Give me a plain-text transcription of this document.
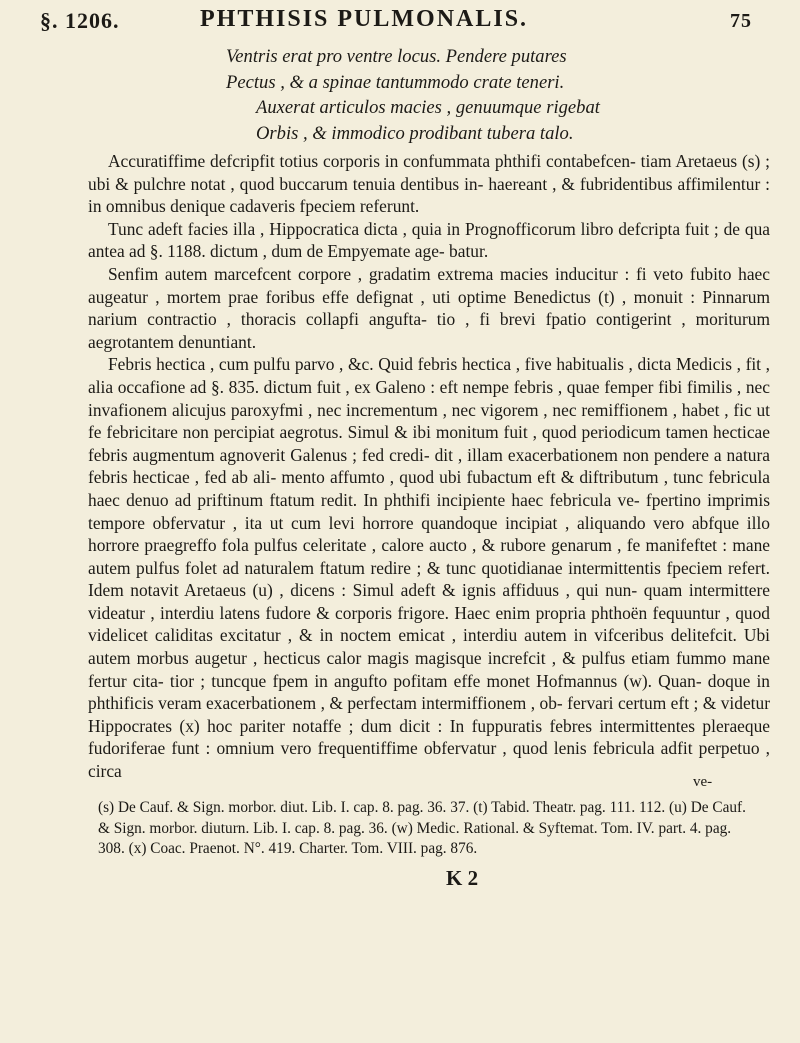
§. 1206.	PHTHISIS PULMONALIS.	75
Ventris erat pro ventre locus. Pendere putares
Pectus , & a spinae tantummodo crate teneri.
Auxerat articulos macies , genuumque rigebat
Orbis , & immodico prodibant tubera talo.

Accuratiffime defcripfit totius corporis in confummata phthifi contabefcen- tiam Aretaeus (s) ; ubi & pulchre notat , quod buccarum tenuia dentibus in- haereant , & fubridentibus affimilentur : in omnibus denique cadaveris fpeciem referunt.

Tunc adeft facies illa , Hippocratica dicta , quia in Prognofficorum libro defcripta fuit ; de qua antea ad §. 1188. dictum , dum de Empyemate age- batur.

Senfim autem marcefcent corpore , gradatim extrema macies inducitur : fi veto fubito haec augeatur , mortem prae foribus effe defignat , uti optime Benedictus (t) , monuit : Pinnarum narium contractio , thoracis collapfi angufta- tio , fi brevi fpatio contigerint , moriturum aegrotantem denuntiant.

Febris hectica , cum pulfu parvo , &c. Quid febris hectica , five habitualis , dicta Medicis , fit , alia occafione ad §. 835. dictum fuit , ex Galeno : eft nempe febris , quae femper fibi fimilis , nec invafionem alicujus paroxyfmi , nec incrementum , nec vigorem , nec remiffionem , habet , fic ut fe febricitare non percipiat aegrotus. Simul & ibi monitum fuit , quod periodicum tamen hecticae febris augmentum agnoverit Galenus ; fed credi- dit , illam exacerbationem non pendere a natura febris hecticae , fed ab ali- mento affumto , quod ubi fubactum eft & diftributum , tunc febricula haec denuo ad priftinum ftatum redit. In phthifi incipiente haec febricula ve- fpertino imprimis tempore obfervatur , ita ut cum levi horrore quandoque incipiat , aliquando vero abfque illo horrore praegreffo fola pulfus celeritate , calore aucto , & rubore genarum , fe manifeftet : mane autem pulfus folet ad naturalem ftatum redire ; & tunc quotidianae intermittentis fpeciem refert. Idem notavit Aretaeus (u) , dicens : Simul adeft & ignis affiduus , qui nun- quam intermittere videatur , interdiu latens fudore & corporis frigore. Haec enim propria phthoën fequuntur , quod videlicet caliditas excitatur , & in noctem emicat , interdiu autem in vifceribus delitefcit. Ubi autem morbus augetur , hecticus calor magis magisque increfcit , & pulfus etiam fummo mane fertur cita- tior ; tuncque fpem in angufto pofitam effe monet Hofmannus (w). Quan- doque in phthificis veram exacerbationem , & perfectam intermiffionem , ob- fervari certum eft ; & videtur Hippocrates (x) hoc pariter notaffe ; dum dicit : In fuppuratis febres intermittentes pleraeque fudoriferae funt : omnium vero frequentiffime obfervatur , quod lenis febricula adfit perpetuo , circa

ve-

(s) De Cauf. & Sign. morbor. diut. Lib. I. cap. 8. pag. 36. 37. (t) Tabid. Theatr. pag. 111. 112. (u) De Cauf. & Sign. morbor. diuturn. Lib. I. cap. 8. pag. 36. (w) Medic. Rational. & Syftemat. Tom. IV. part. 4. pag. 308. (x) Coac. Praenot. N°. 419. Charter. Tom. VIII. pag. 876.

K 2
